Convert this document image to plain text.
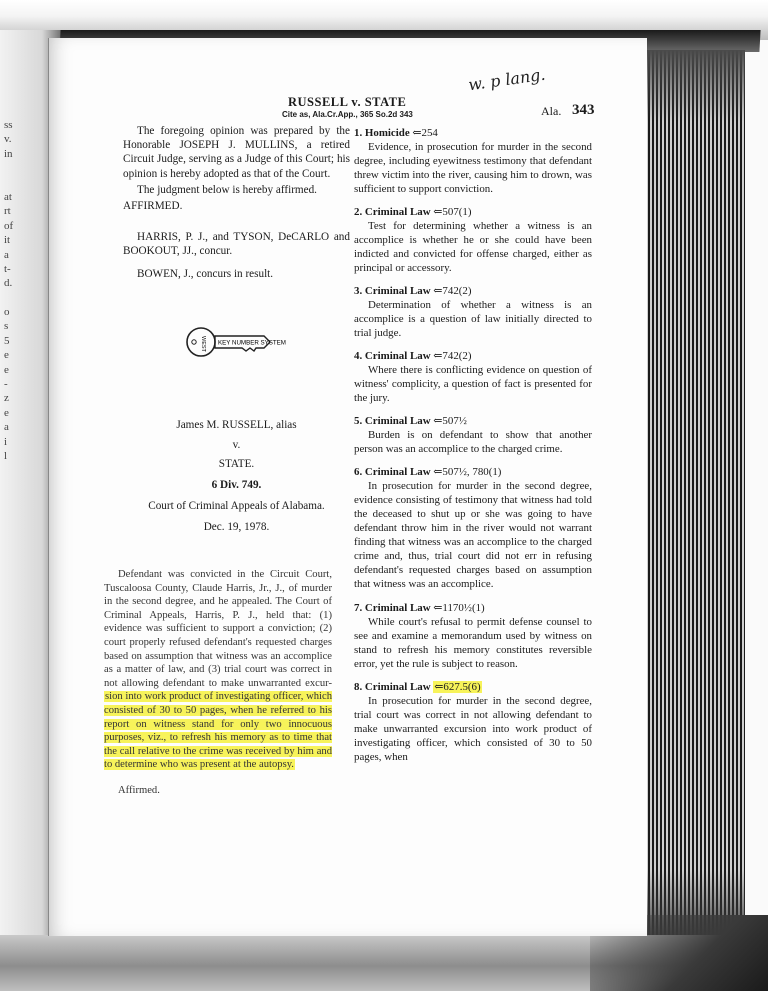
ss
v.
in
at
rt
of
it
a
t-
d.
o
s
5
e
e
-
z
e
a
i
l
w. p lang.
RUSSELL v. STATE
Cite as, Ala.Cr.App., 365 So.2d 343	Ala. 343

The foregoing opinion was prepared by the Honorable JOSEPH J. MULLINS, a retired Circuit Judge, serving as a Judge of this Court; his opinion is hereby adopted as that of the Court.

The judgment below is hereby affirmed.

AFFIRMED.

HARRIS, P. J., and TYSON, DeCARLO and BOOKOUT, JJ., concur.

BOWEN, J., concurs in result.

WEST KEY NUMBER SYSTEM

James M. RUSSELL, alias

v.

STATE.

6 Div. 749.

Court of Criminal Appeals of Alabama.

Dec. 19, 1978.

Defendant was convicted in the Circuit Court, Tuscaloosa County, Claude Harris, Jr., J., of murder in the second degree, and he appealed. The Court of Criminal Appeals, Harris, P. J., held that: (1) evidence was sufficient to support a conviction; (2) court properly refused defendant's requested charges based on assumption that witness was an accomplice as a matter of law, and (3) trial court was correct in not allowing defendant to make unwarranted excur-sion into work product of investigating officer, which consisted of 30 to 50 pages, when he referred to his report on witness stand for only two innocuous purposes, viz., to refresh his memory as to time that the call relative to the crime was received by him and to determine who was present at the autopsy.

Affirmed.

1. Homicide ⇐254

Evidence, in prosecution for murder in the second degree, including eyewitness testimony that defendant threw victim into the river, causing him to drown, was sufficient to support conviction.

2. Criminal Law ⇐507(1)

Test for determining whether a witness is an accomplice is whether he or she could have been indicted and convicted for offense charged, either as principal or accessory.

3. Criminal Law ⇐742(2)

Determination of whether a witness is an accomplice is a question of law initially directed to trial judge.

4. Criminal Law ⇐742(2)

Where there is conflicting evidence on question of witness' complicity, a question of fact is presented for the jury.

5. Criminal Law ⇐507½

Burden is on defendant to show that another person was an accomplice to the charged crime.

6. Criminal Law ⇐507½, 780(1)

In prosecution for murder in the second degree, evidence consisting of testimony that witness had told the deceased to shut up or she was going to have defendant throw him in the river would not warrant finding that witness was an accomplice to the charged crime and, thus, trial court did not err in refusing defendant's requested charges based on assumption that witness was an accomplice.

7. Criminal Law ⇐1170½(1)

While court's refusal to permit defense counsel to see and examine a memorandum used by witness on stand to refresh his memory constitutes reversible error, yet the rule is subject to reason.

8. Criminal Law ⇐627.5(6)

In prosecution for murder in the second degree, trial court was correct in not allowing defendant to make unwarranted excursion into work product of investigating officer, which consisted of 30 to 50 pages, when
